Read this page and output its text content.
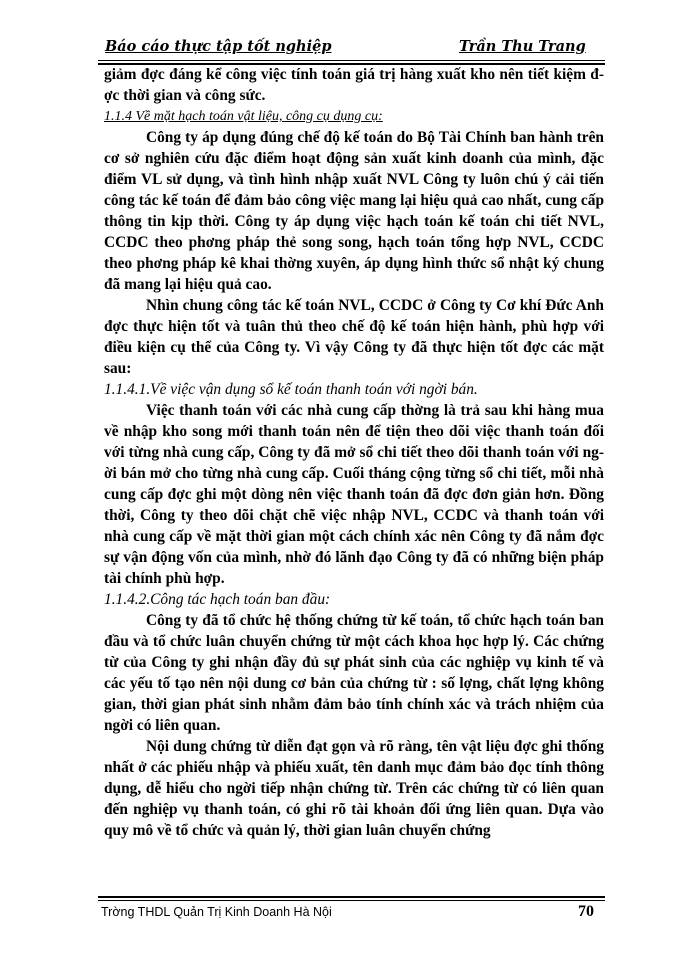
Báo cáo thực tập tốt nghiệp	Trần Thu Trang

giảm đợc đáng kể công việc tính toán giá trị hàng xuất kho nên tiết kiệm đợc thời gian và công sức.

1.1.4 Về mặt hạch toán vật liệu, công cụ dụng cụ:

Công ty áp dụng đúng chế độ kế toán do Bộ Tài Chính ban hành trên cơ sở nghiên cứu đặc điểm hoạt động sản xuất kinh doanh của mình, đặc điểm VL sử dụng, và tình hình nhập xuất NVL Công ty luôn chú ý cải tiến công tác kế toán để đảm bảo công việc mang lại hiệu quả cao nhất, cung cấp thông tin kịp thời. Công ty áp dụng việc hạch toán kế toán chi tiết NVL, CCDC theo phơng pháp thẻ song song, hạch toán tổng hợp NVL, CCDC theo phơng pháp kê khai thờng xuyên, áp dụng hình thức sổ nhật ký chung đã mang lại hiệu quả cao.

Nhìn chung công tác kế toán NVL, CCDC ở Công ty Cơ khí Đức Anh đợc thực hiện tốt và tuân thủ theo chế độ kế toán hiện hành, phù hợp với điều kiện cụ thể của Công ty. Vì vậy Công ty đã thực hiện tốt đợc các mặt sau:

1.1.4.1.Về việc vận dụng sổ kế toán thanh toán với ngời bán.

Việc thanh toán với các nhà cung cấp thờng là trả sau khi hàng mua về nhập kho song mới thanh toán nên để tiện theo dõi việc thanh toán đối với từng nhà cung cấp, Công ty đã mở sổ chi tiết theo dõi thanh toán với ngời bán mở cho từng nhà cung cấp. Cuối tháng cộng từng sổ chi tiết, mỗi nhà cung cấp đợc ghi một dòng nên việc thanh toán đã đợc đơn giản hơn. Đồng thời, Công ty theo dõi chặt chẽ việc nhập NVL, CCDC và thanh toán với nhà cung cấp về mặt thời gian một cách chính xác nên Công ty đã nắm đợc sự vận động vốn của mình, nhờ đó lãnh đạo Công ty đã có những biện pháp tài chính phù hợp.

1.1.4.2.Công tác hạch toán ban đầu:

Công ty đã tổ chức hệ thống chứng từ kế toán, tổ chức hạch toán ban đầu và tổ chức luân chuyển chứng từ một cách khoa học hợp lý. Các chứng từ của Công ty ghi nhận đầy đủ sự phát sinh của các nghiệp vụ kinh tế và các yếu tố tạo nên nội dung cơ bản của chứng từ : số lợng, chất lợng không gian, thời gian phát sinh nhằm đảm bảo tính chính xác và trách nhiệm của ngời có liên quan.

Nội dung chứng từ diễn đạt gọn và rõ ràng, tên vật liệu đợc ghi thống nhất ở các phiếu nhập và phiếu xuất, tên danh mục đảm bảo đọc tính thông dụng, dễ hiểu cho ngời tiếp nhận chứng từ. Trên các chứng từ có liên quan đến nghiệp vụ thanh toán, có ghi rõ tài khoản đối ứng liên quan. Dựa vào quy mô về tổ chức và quản lý, thời gian luân chuyển chứng

Trờng THDL Quản Trị Kinh Doanh Hà Nội	70
